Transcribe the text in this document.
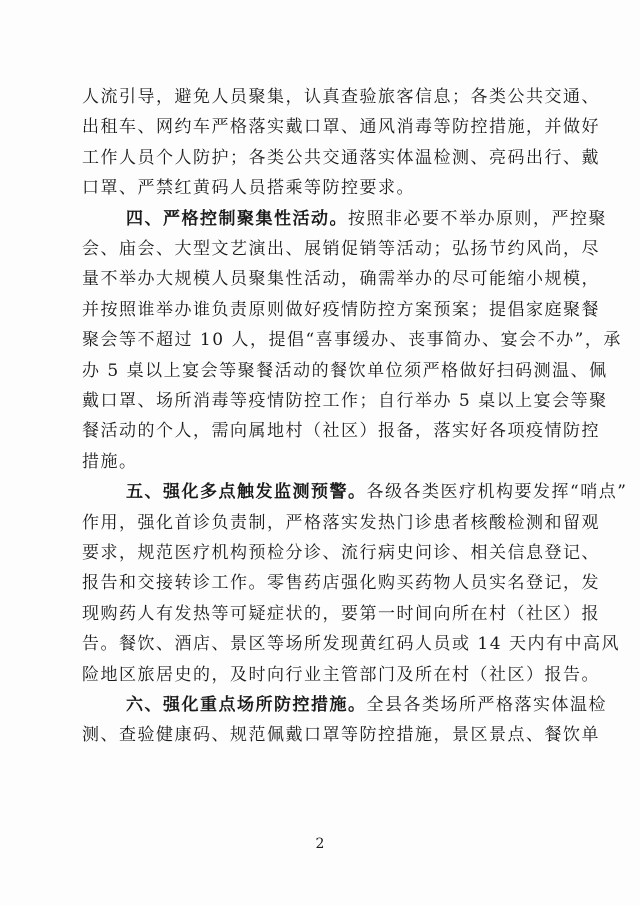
人流引导，避免人员聚集，认真查验旅客信息；各类公共交通、
出租车、网约车严格落实戴口罩、通风消毒等防控措施，并做好
工作人员个人防护；各类公共交通落实体温检测、亮码出行、戴
口罩、严禁红黄码人员搭乘等防控要求。
四、严格控制聚集性活动。按照非必要不举办原则，严控聚
会、庙会、大型文艺演出、展销促销等活动；弘扬节约风尚，尽
量不举办大规模人员聚集性活动，确需举办的尽可能缩小规模，
并按照谁举办谁负责原则做好疫情防控方案预案；提倡家庭聚餐
聚会等不超过 10 人，提倡“喜事缓办、丧事简办、宴会不办”，承
办 5 桌以上宴会等聚餐活动的餐饮单位须严格做好扫码测温、佩
戴口罩、场所消毒等疫情防控工作；自行举办 5 桌以上宴会等聚
餐活动的个人，需向属地村（社区）报备，落实好各项疫情防控
措施。
五、强化多点触发监测预警。各级各类医疗机构要发挥“哨点”
作用，强化首诊负责制，严格落实发热门诊患者核酸检测和留观
要求，规范医疗机构预检分诊、流行病史问诊、相关信息登记、
报告和交接转诊工作。零售药店强化购买药物人员实名登记，发
现购药人有发热等可疑症状的，要第一时间向所在村（社区）报
告。餐饮、酒店、景区等场所发现黄红码人员或 14 天内有中高风
险地区旅居史的，及时向行业主管部门及所在村（社区）报告。
六、强化重点场所防控措施。全县各类场所严格落实体温检
测、查验健康码、规范佩戴口罩等防控措施，景区景点、餐饮单
2
